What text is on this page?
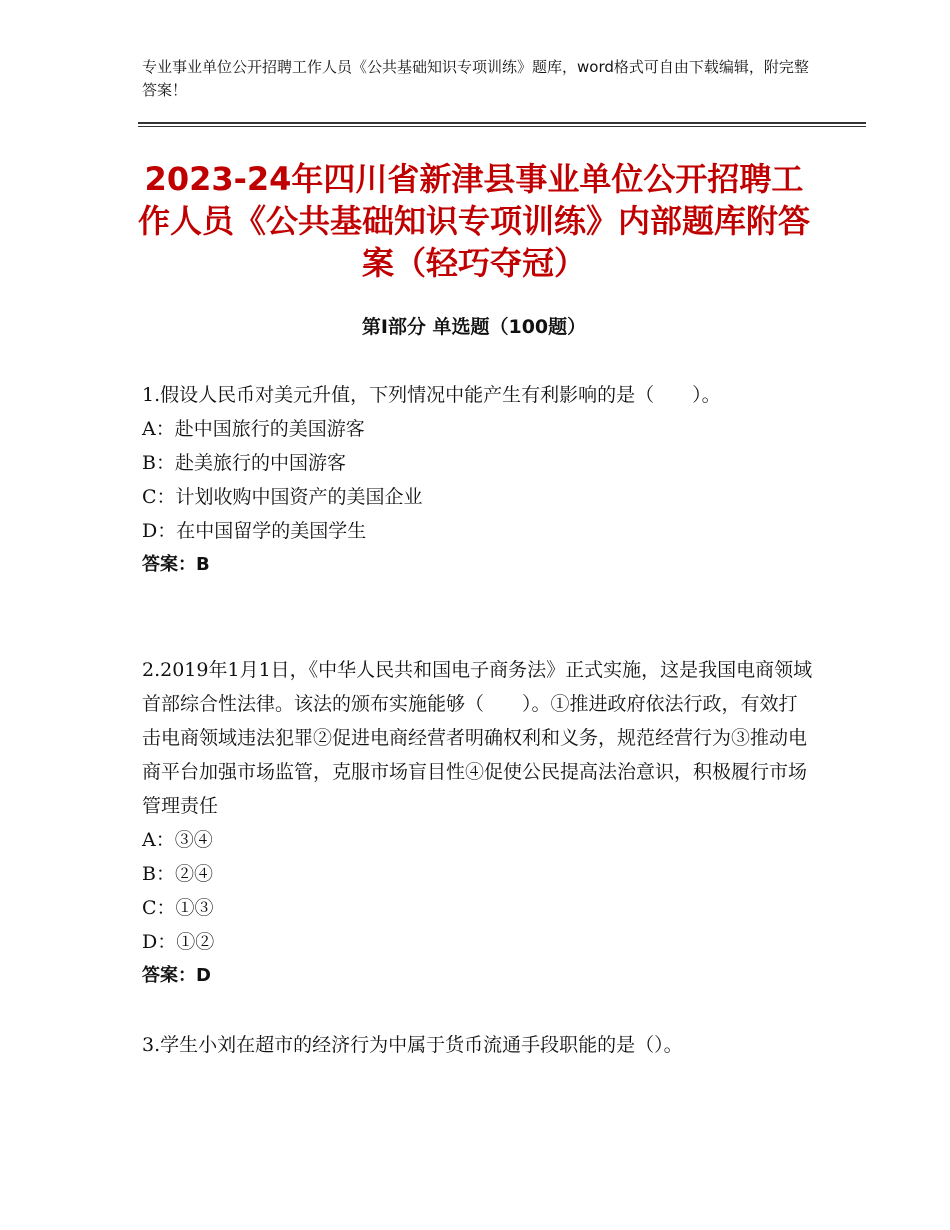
专业事业单位公开招聘工作人员《公共基础知识专项训练》题库，word格式可自由下载编辑，附完整答案！
2023-24年四川省新津县事业单位公开招聘工作人员《公共基础知识专项训练》内部题库附答案（轻巧夺冠）
第I部分 单选题（100题）

1.假设人民币对美元升值，下列情况中能产生有利影响的是（　　）。

A：赴中国旅行的美国游客

B：赴美旅行的中国游客

C：计划收购中国资产的美国企业

D：在中国留学的美国学生

答案：B

2.2019年1月1日，《中华人民共和国电子商务法》正式实施，这是我国电商领域首部综合性法律。该法的颁布实施能够（　　）。①推进政府依法行政，有效打击电商领域违法犯罪②促进电商经营者明确权利和义务，规范经营行为③推动电商平台加强市场监管，克服市场盲目性④促使公民提高法治意识，积极履行市场管理责任

A：③④

B：②④

C：①③

D：①②

答案：D

3.学生小刘在超市的经济行为中属于货币流通手段职能的是（）。
